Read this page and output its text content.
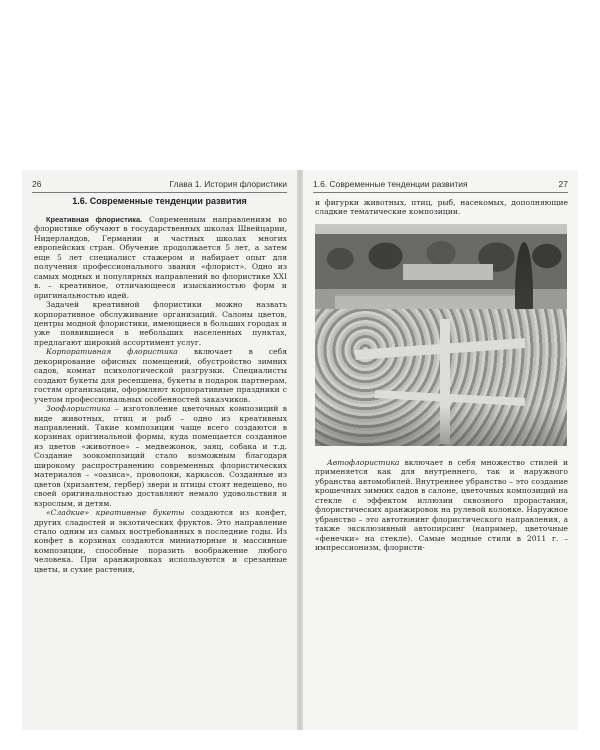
26	Глава 1. История флористики
1.6. Современные тенденции развития

Креативная флористика. Современным направлениям во флористике обучают в государственных школах Швейцарии, Нидерландов, Германии и частных школах многих европейских стран. Обучение продолжается 5 лет, а затем еще 5 лет специалист стажером и набирает опыт для получения профессионального звания «флорист». Одно из самых модных и популярных направлений во флористике XXI в. – креативное, отличающееся изысканностью форм и оригинальностью идей.

Задачей креативной флористики можно назвать корпоративное обслуживание организаций. Салоны цветов, центры модной флористики, имеющиеся в больших городах и уже появившиеся в небольших населенных пунктах, предлагают широкий ассортимент услуг.

Корпоративная флористика включает в себя декорирование офисных помещений, обустройство зимних садов, комнат психологической разгрузки. Специалисты создают букеты для ресепшена, букеты в подарок партнерам, гостям организации, оформляют корпоративные праздники с учетом профессиональных особенностей заказчиков.

Зоофлористика – изготовление цветочных композиций в виде животных, птиц и рыб – одно из креативных направлений. Такие композиции чаще всего создаются в корзинах оригинальной формы, куда помещается созданное из цветов «животное» – медвежонок, заяц, собака и т.д. Создание зоокомпозиций стало возможным благодаря широкому распространению современных флористических материалов – «оазиса», проволоки, каркасов. Созданные из цветов (хризантем, гербер) звери и птицы стоят недешево, но своей оригинальностью доставляют немало удовольствия и взрослым, и детям.

«Сладкие» креативные букеты создаются из конфет, других сладостей и экзотических фруктов. Это направление стало одним из самых востребованных в последние годы. Из конфет в корзинах создаются миниатюрные и массивные композиции, способные поразить воображение любого человека. При аранжировках используются и срезанные цветы, и сухие растения,

1.6. Современные тенденции развития	27

и фигурки животных, птиц, рыб, насекомых, дополняющие сладкие тематические композиции.

Автофлористика включает в себя множество стилей и применяется как для внутреннего, так и наружного убранства автомобилей. Внутреннее убранство – это создание крошечных зимних садов в салоне, цветочных композиций на стекле с эффектом иллюзии сквозного прорастания, флористических аранжировок на рулевой колонке. Наружное убранство – это автотюнинг флористического направления, а также эксклюзивный автопирсинг (например, цветочные «фенечки» на стекле). Самые модные стили в 2011 г. – импрессионизм, флористи-
